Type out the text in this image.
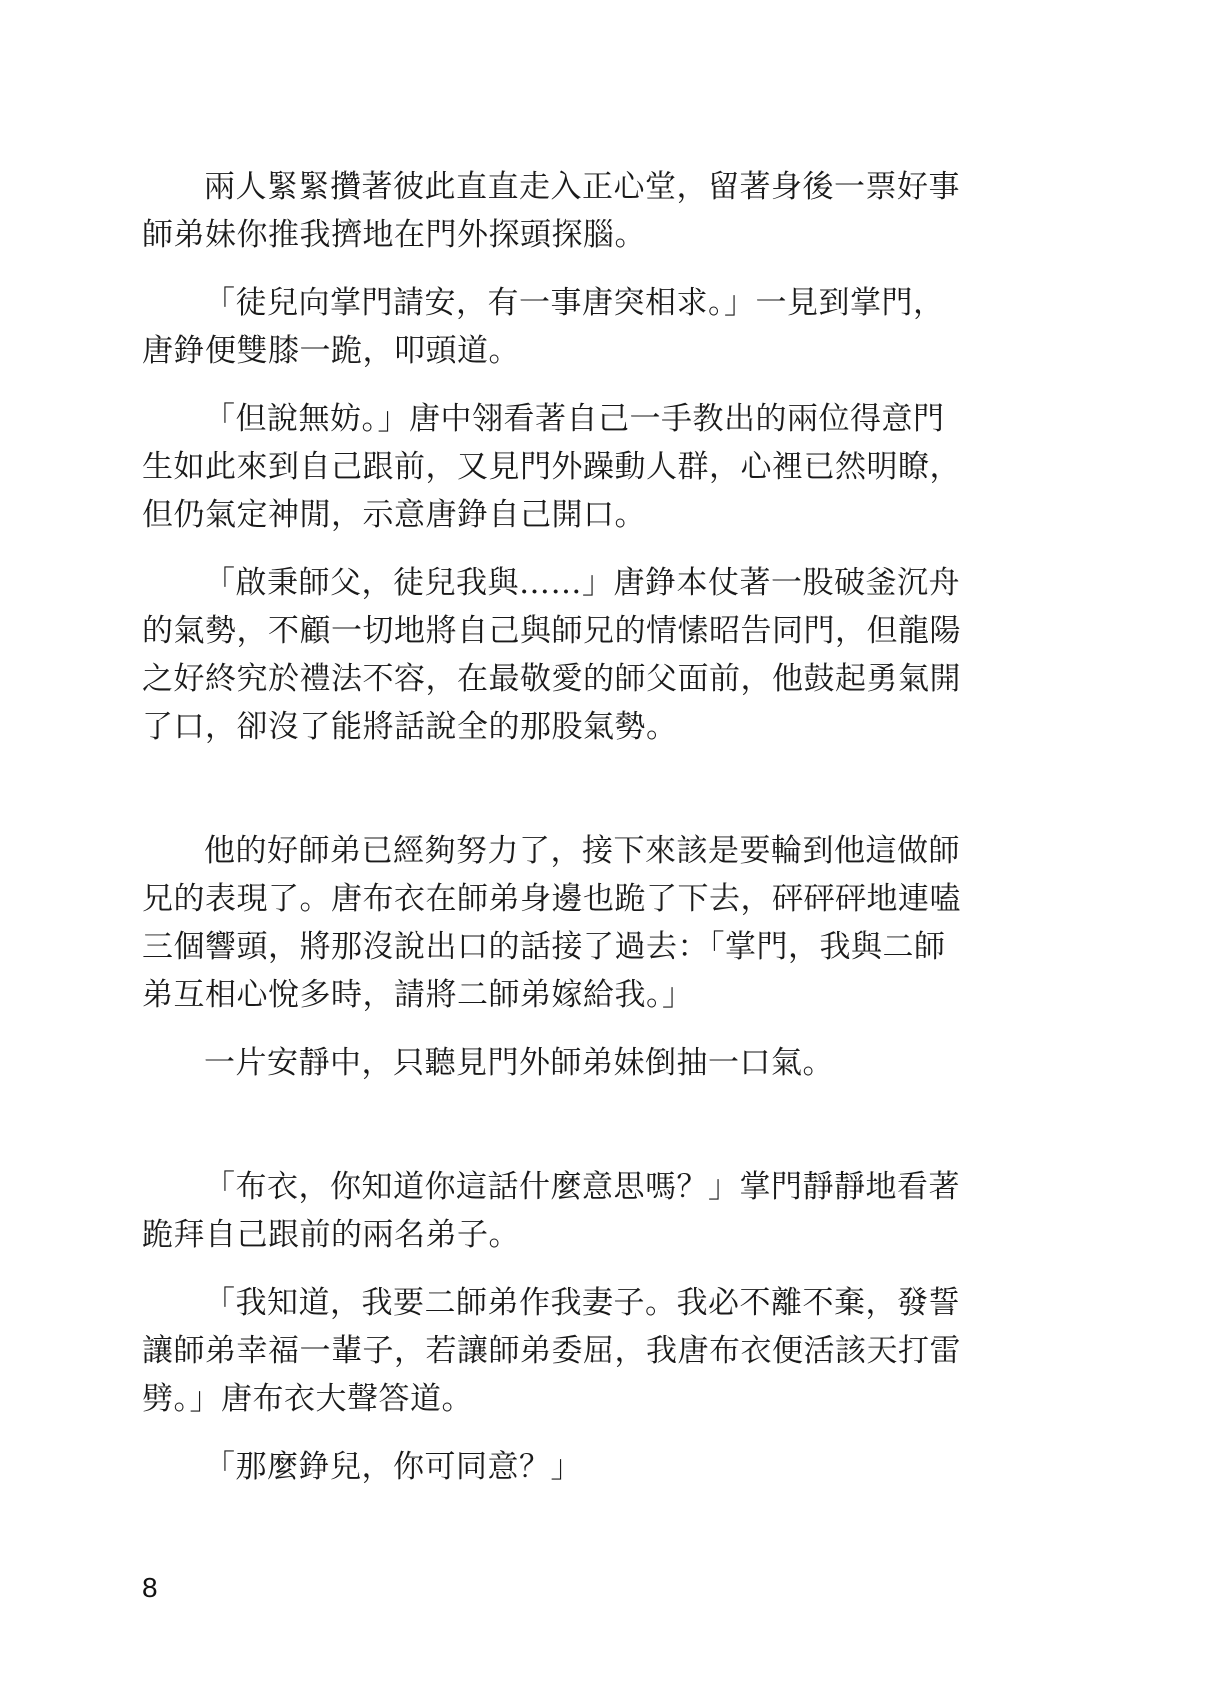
兩人緊緊攢著彼此直直走入正心堂，留著身後一票好事
師弟妹你推我擠地在門外探頭探腦。
「徒兒向掌門請安，有一事唐突相求。」一見到掌門，
唐錚便雙膝一跪，叩頭道。
「但說無妨。」唐中翎看著自己一手教出的兩位得意門
生如此來到自己跟前，又見門外躁動人群，心裡已然明瞭，
但仍氣定神閒，示意唐錚自己開口。
「啟秉師父，徒兒我與……」唐錚本仗著一股破釜沉舟
的氣勢，不顧一切地將自己與師兄的情愫昭告同門，但龍陽
之好終究於禮法不容，在最敬愛的師父面前，他鼓起勇氣開
了口，卻沒了能將話說全的那股氣勢。
他的好師弟已經夠努力了，接下來該是要輪到他這做師
兄的表現了。唐布衣在師弟身邊也跪了下去，砰砰砰地連嗑
三個響頭，將那沒說出口的話接了過去：「掌門，我與二師
弟互相心悅多時，請將二師弟嫁給我。」
一片安靜中，只聽見門外師弟妹倒抽一口氣。
「布衣，你知道你這話什麼意思嗎？」掌門靜靜地看著
跪拜自己跟前的兩名弟子。
「我知道，我要二師弟作我妻子。我必不離不棄，發誓
讓師弟幸福一輩子，若讓師弟委屈，我唐布衣便活該天打雷
劈。」唐布衣大聲答道。
「那麼錚兒，你可同意？」
8
